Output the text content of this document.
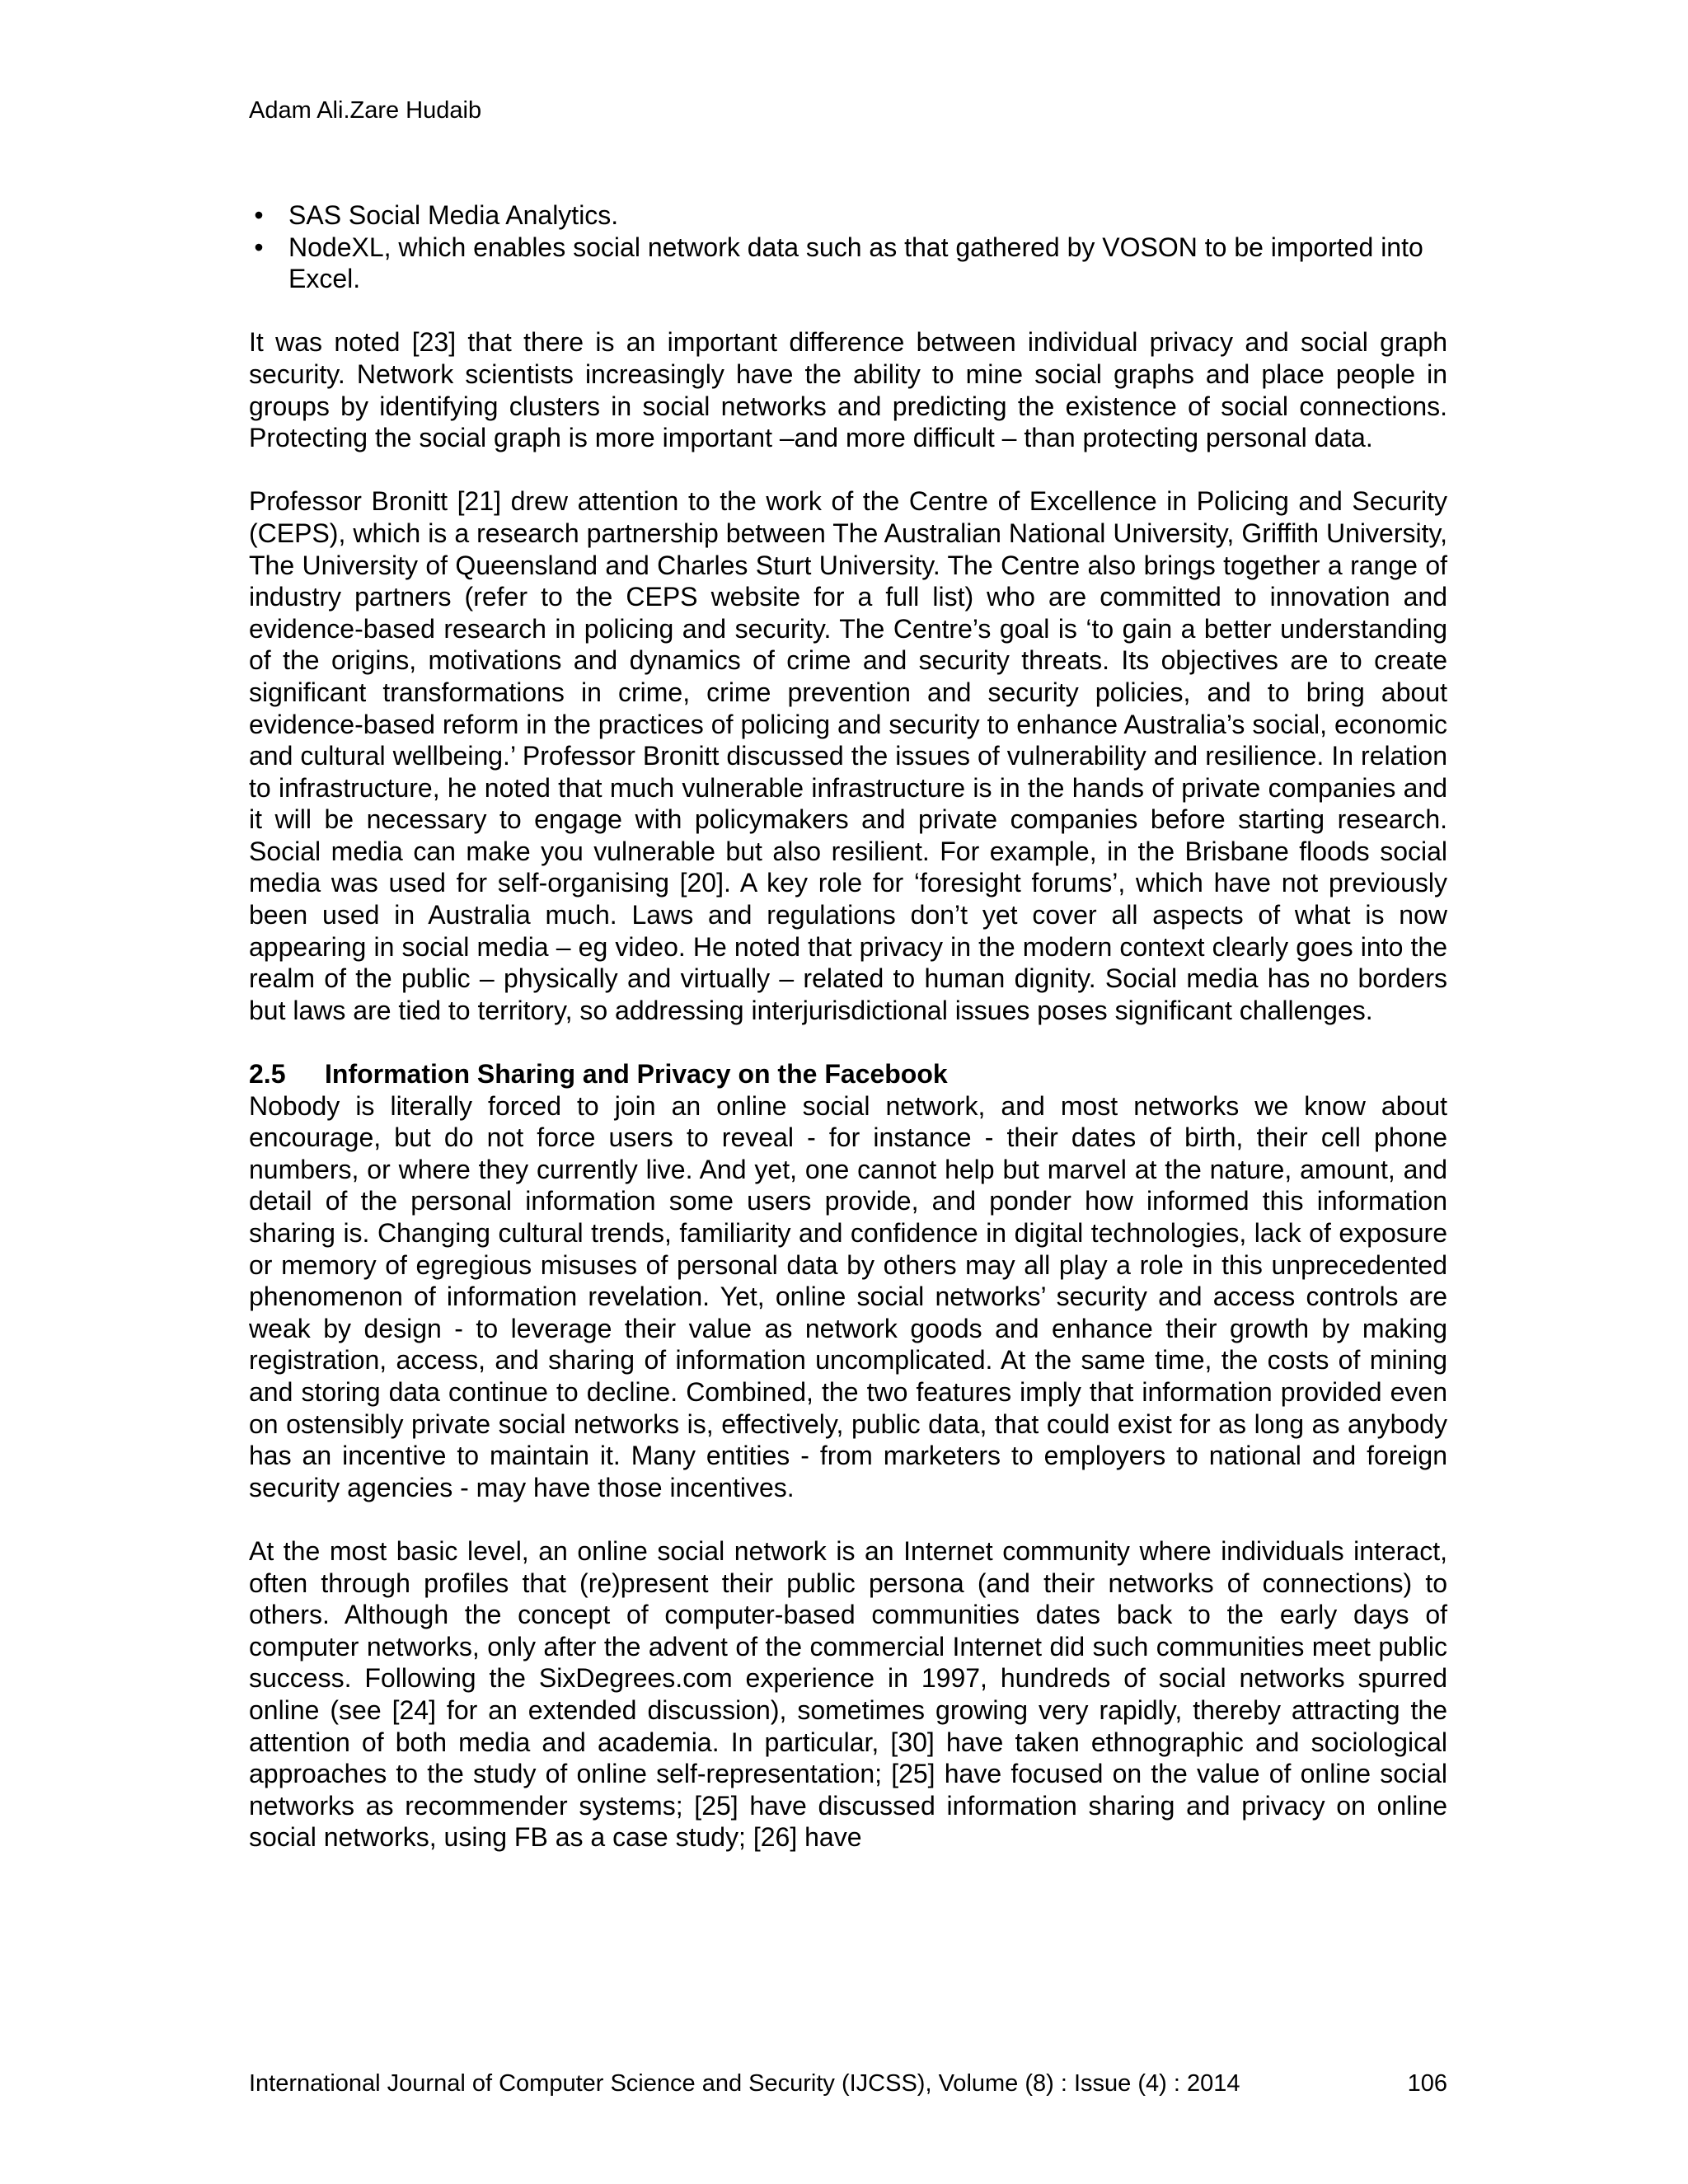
Adam Ali.Zare Hudaib
• SAS Social Media Analytics.
• NodeXL, which enables social network data such as that gathered by VOSON to be imported into Excel.

It was noted [23] that there is an important difference between individual privacy and social graph security. Network scientists increasingly have the ability to mine social graphs and place people in groups by identifying clusters in social networks and predicting the existence of social connections. Protecting the social graph is more important –and more difficult – than protecting personal data.

Professor Bronitt [21] drew attention to the work of the Centre of Excellence in Policing and Security (CEPS), which is a research partnership between The Australian National University, Griffith University, The University of Queensland and Charles Sturt University. The Centre also brings together a range of industry partners (refer to the CEPS website for a full list) who are committed to innovation and evidence-based research in policing and security. The Centre’s goal is ‘to gain a better understanding of the origins, motivations and dynamics of crime and security threats. Its objectives are to create significant transformations in crime, crime prevention and security policies, and to bring about evidence-based reform in the practices of policing and security to enhance Australia’s social, economic and cultural wellbeing.’ Professor Bronitt discussed the issues of vulnerability and resilience. In relation to infrastructure, he noted that much vulnerable infrastructure is in the hands of private companies and it will be necessary to engage with policymakers and private companies before starting research. Social media can make you vulnerable but also resilient. For example, in the Brisbane floods social media was used for self-organising [20]. A key role for ‘foresight forums’, which have not previously been used in Australia much. Laws and regulations don’t yet cover all aspects of what is now appearing in social media – eg video. He noted that privacy in the modern context clearly goes into the realm of the public – physically and virtually – related to human dignity. Social media has no borders but laws are tied to territory, so addressing interjurisdictional issues poses significant challenges.

2.5 Information Sharing and Privacy on the Facebook

Nobody is literally forced to join an online social network, and most networks we know about encourage, but do not force users to reveal - for instance - their dates of birth, their cell phone numbers, or where they currently live. And yet, one cannot help but marvel at the nature, amount, and detail of the personal information some users provide, and ponder how informed this information sharing is. Changing cultural trends, familiarity and confidence in digital technologies, lack of exposure or memory of egregious misuses of personal data by others may all play a role in this unprecedented phenomenon of information revelation. Yet, online social networks’ security and access controls are weak by design - to leverage their value as network goods and enhance their growth by making registration, access, and sharing of information uncomplicated. At the same time, the costs of mining and storing data continue to decline. Combined, the two features imply that information provided even on ostensibly private social networks is, effectively, public data, that could exist for as long as anybody has an incentive to maintain it. Many entities - from marketers to employers to national and foreign security agencies - may have those incentives.

At the most basic level, an online social network is an Internet community where individuals interact, often through profiles that (re)present their public persona (and their networks of connections) to others. Although the concept of computer-based communities dates back to the early days of computer networks, only after the advent of the commercial Internet did such communities meet public success. Following the SixDegrees.com experience in 1997, hundreds of social networks spurred online (see [24] for an extended discussion), sometimes growing very rapidly, thereby attracting the attention of both media and academia. In particular, [30] have taken ethnographic and sociological approaches to the study of online self-representation; [25] have focused on the value of online social networks as recommender systems; [25] have discussed information sharing and privacy on online social networks, using FB as a case study; [26] have

International Journal of Computer Science and Security (IJCSS), Volume (8) : Issue (4) : 2014	106
